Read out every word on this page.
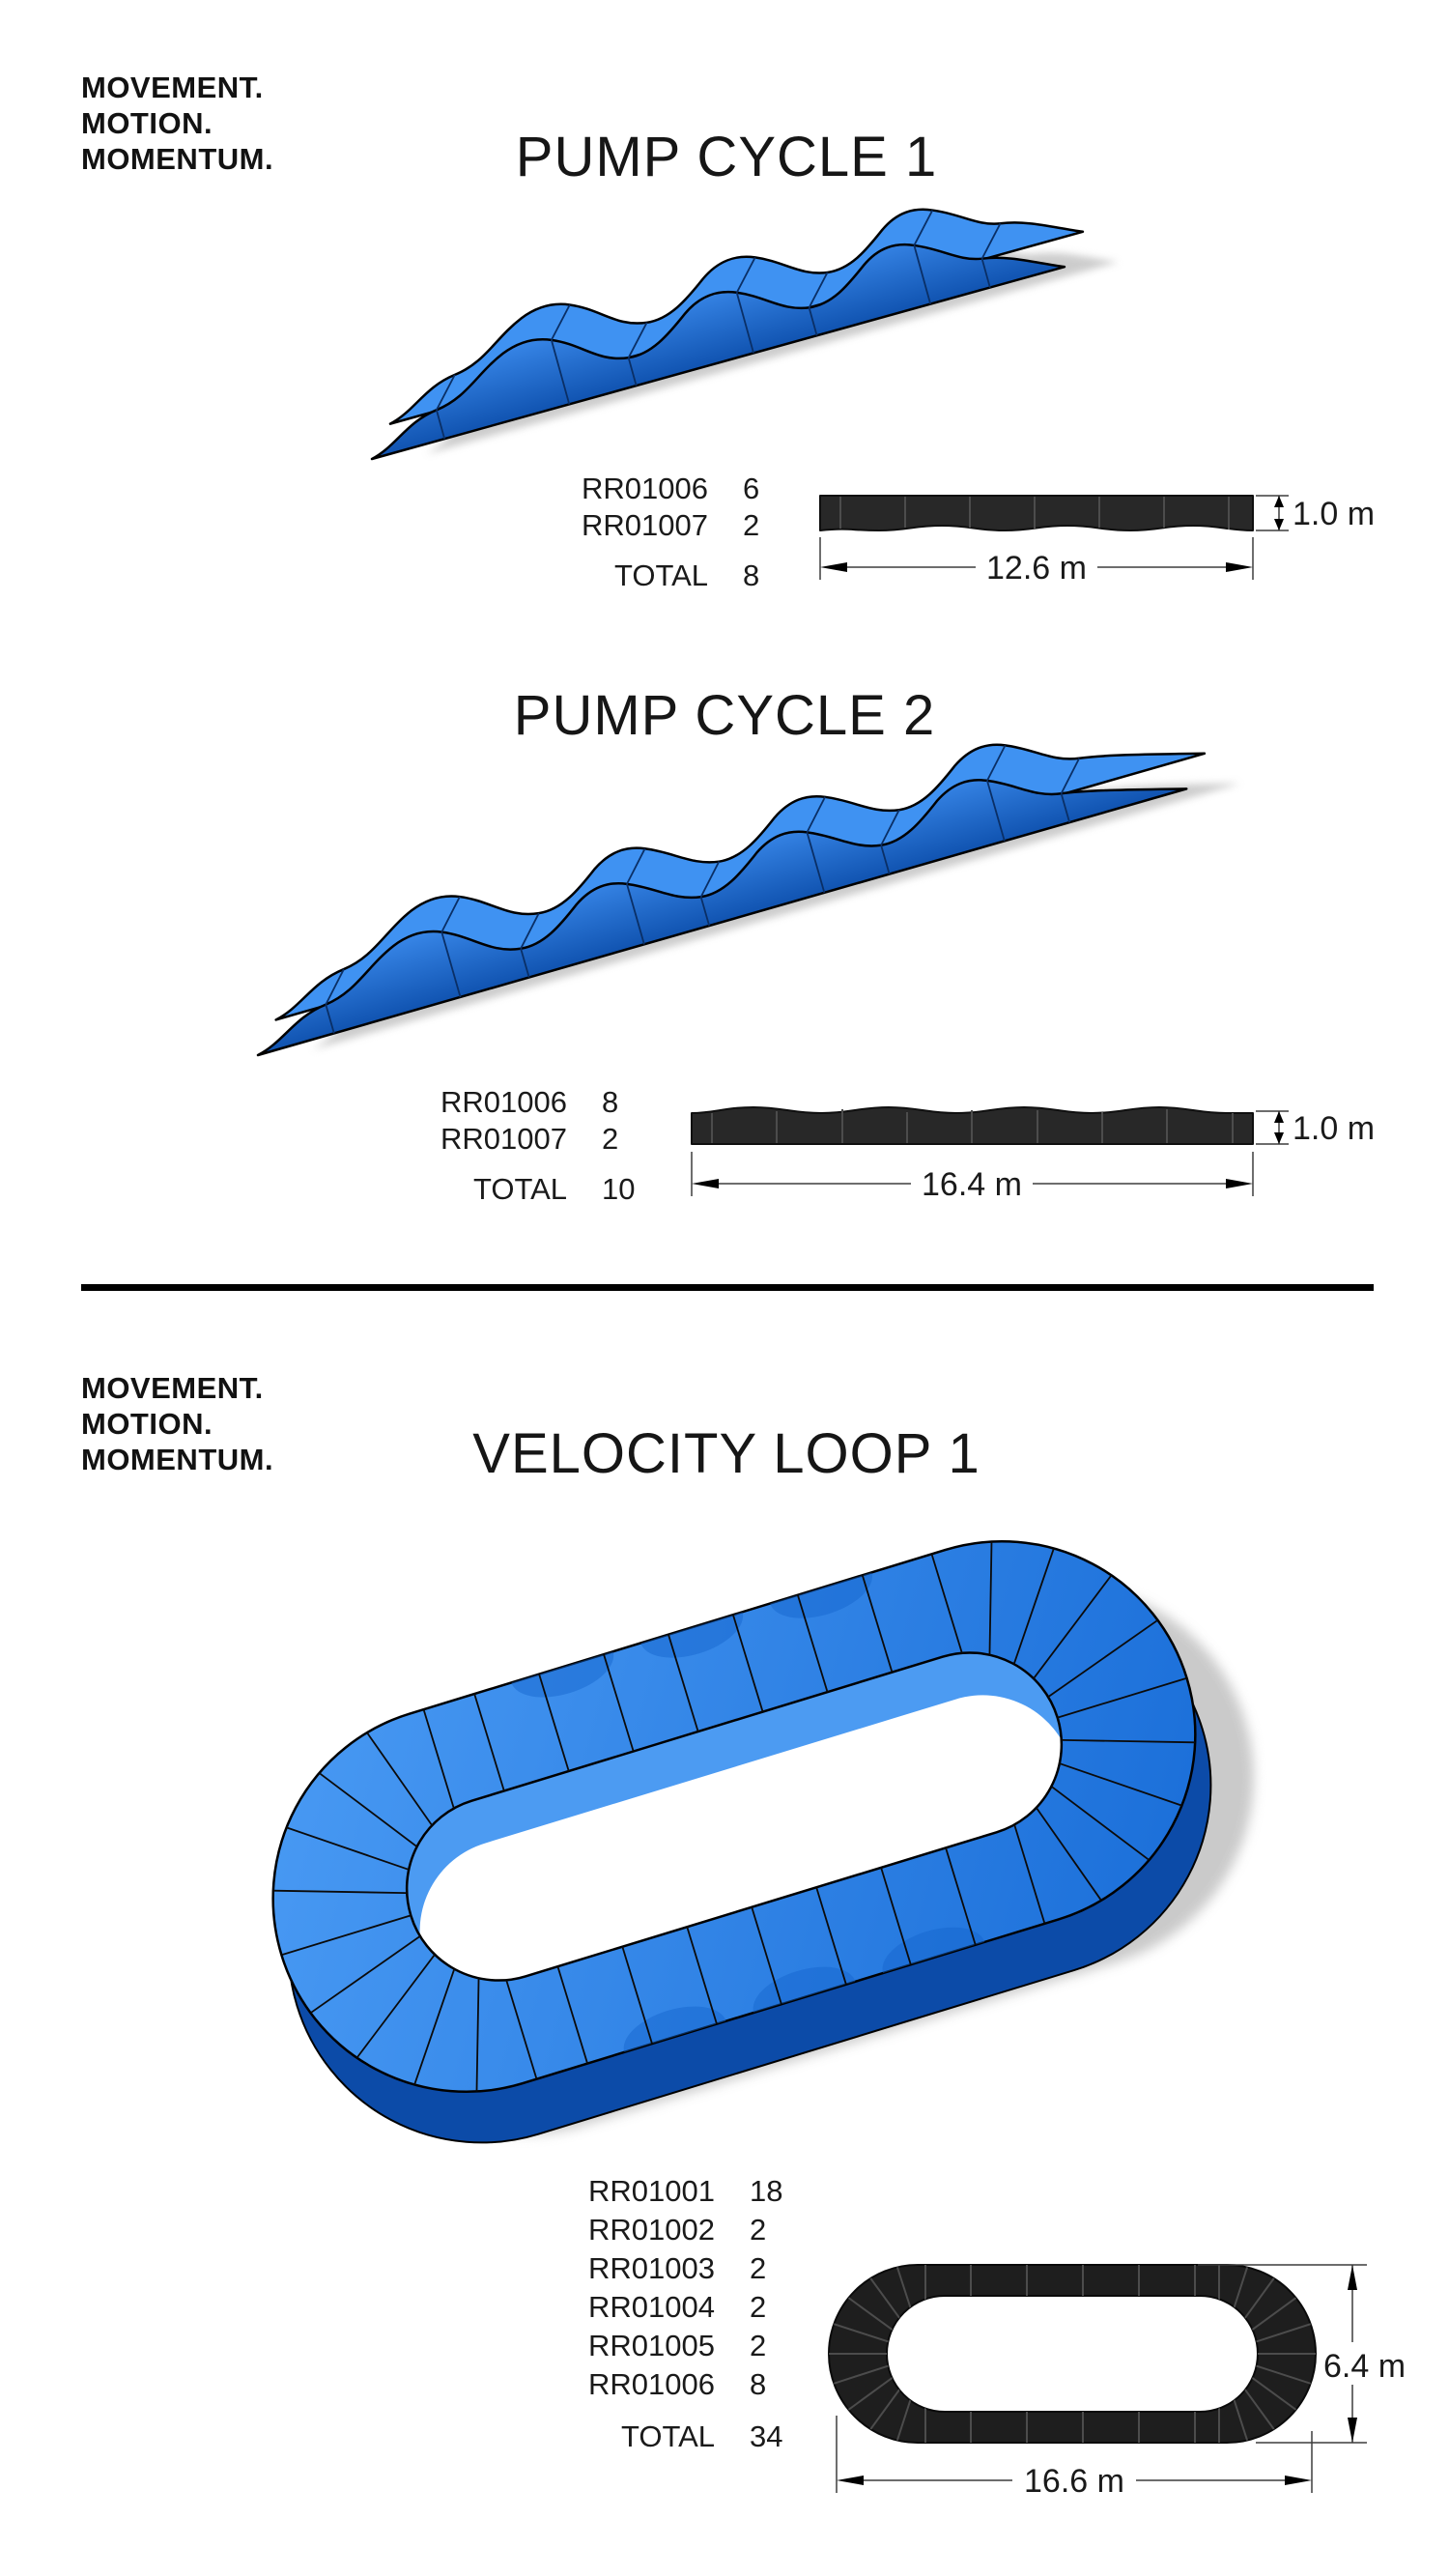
MOVEMENT.
MOTION.
MOMENTUM.	PUMP CYCLE 1
RR01006 6
RR01007 2
TOTAL 8
1.0 m
12.6 m
PUMP CYCLE 2
RR01006 8
RR01007 2
TOTAL 10
1.0 m
16.4 m
MOVEMENT.
MOTION.
MOMENTUM.	VELOCITY LOOP 1
RR01001 18
RR01002 2
RR01003 2
RR01004 2
RR01005 2
RR01006 8
TOTAL 34
6.4 m
16.6 m
